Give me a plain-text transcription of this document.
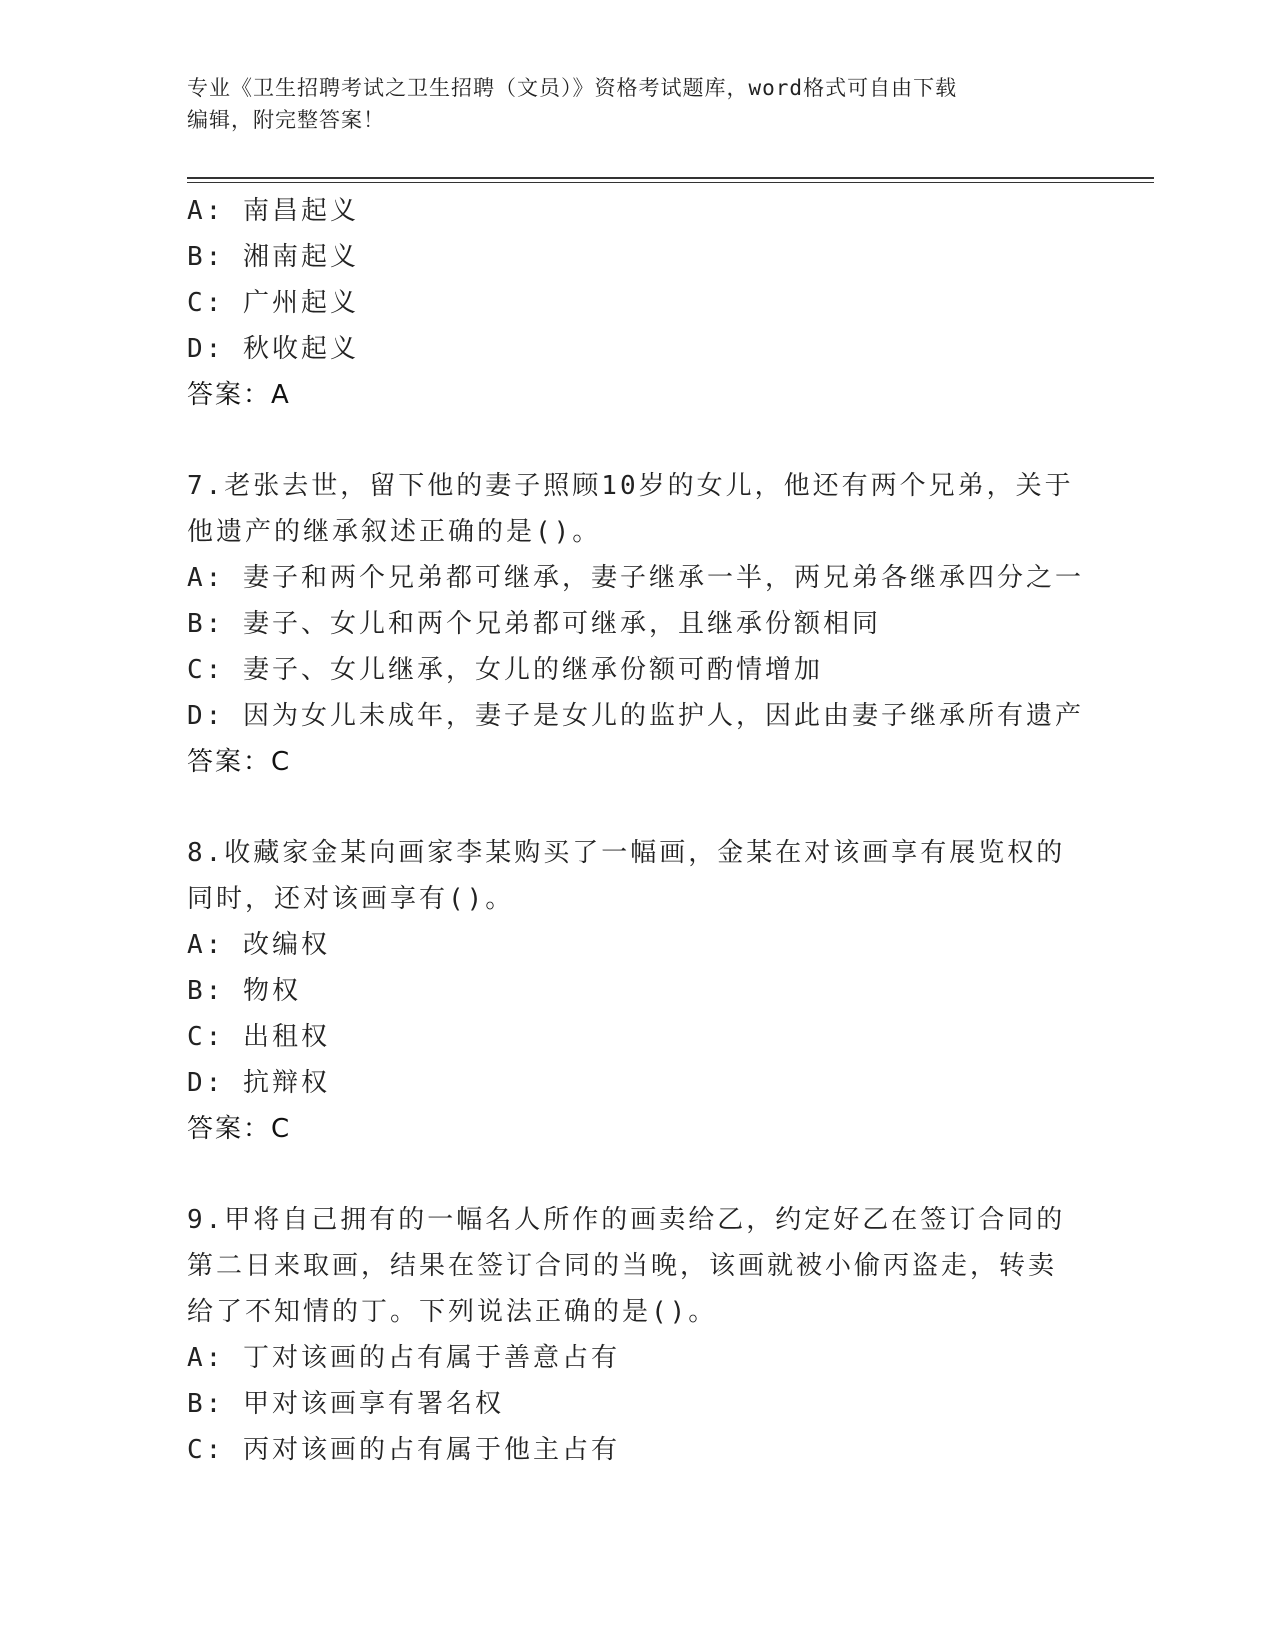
专业《卫生招聘考试之卫生招聘（文员）》资格考试题库，word格式可自由下载
编辑，附完整答案！
A: 南昌起义
B: 湘南起义
C: 广州起义
D: 秋收起义
答案：A
7.老张去世，留下他的妻子照顾10岁的女儿，他还有两个兄弟，关于
他遗产的继承叙述正确的是()。
A: 妻子和两个兄弟都可继承，妻子继承一半，两兄弟各继承四分之一
B: 妻子、女儿和两个兄弟都可继承，且继承份额相同
C: 妻子、女儿继承，女儿的继承份额可酌情增加
D: 因为女儿未成年，妻子是女儿的监护人，因此由妻子继承所有遗产
答案：C
8.收藏家金某向画家李某购买了一幅画，金某在对该画享有展览权的
同时，还对该画享有()。
A: 改编权
B: 物权
C: 出租权
D: 抗辩权
答案：C
9.甲将自己拥有的一幅名人所作的画卖给乙，约定好乙在签订合同的
第二日来取画，结果在签订合同的当晚，该画就被小偷丙盗走，转卖
给了不知情的丁。下列说法正确的是()。
A: 丁对该画的占有属于善意占有
B: 甲对该画享有署名权
C: 丙对该画的占有属于他主占有
